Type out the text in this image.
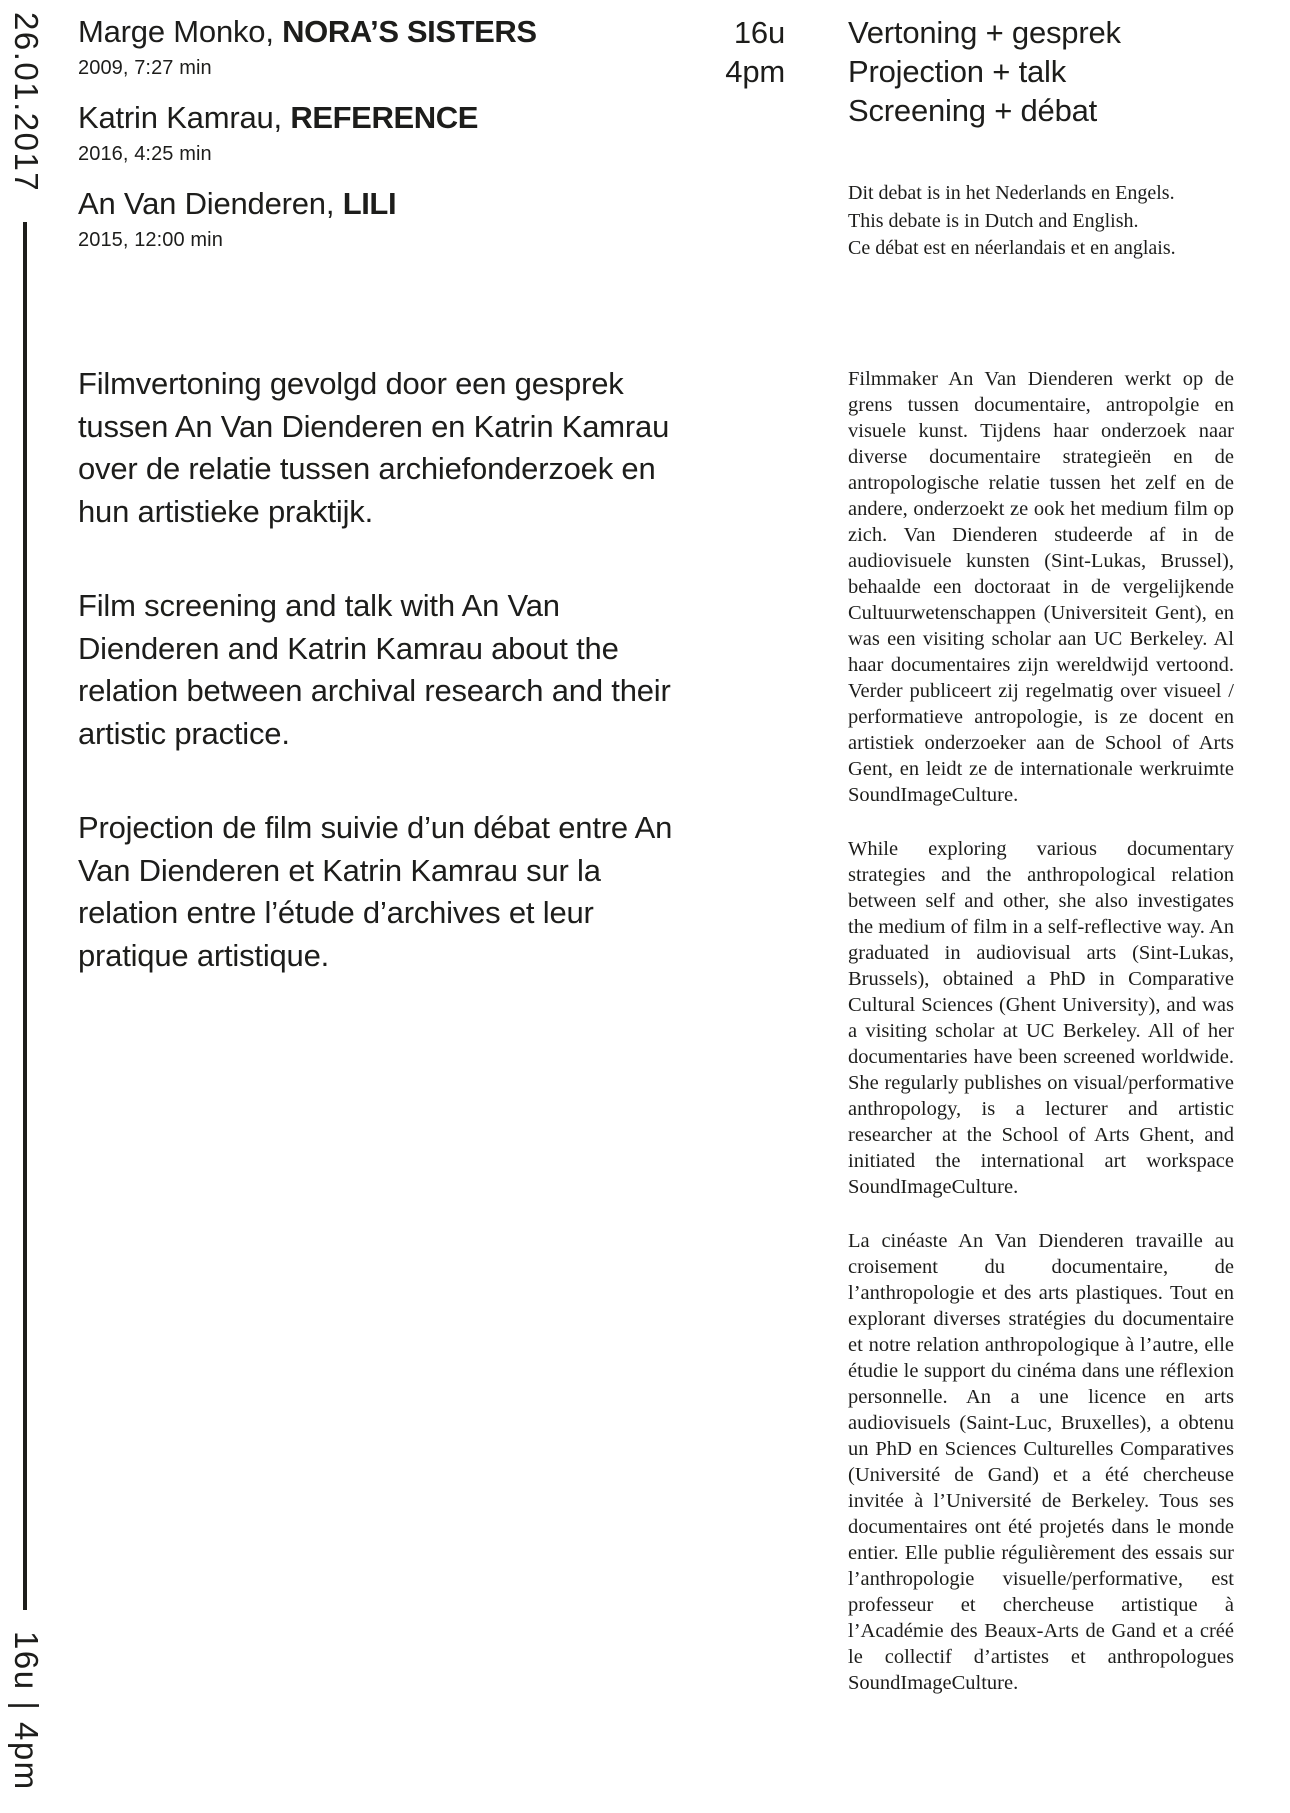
26.01.2017
16u | 4pm
Marge Monko, NORA’S SISTERS
2009, 7:27 min
Katrin Kamrau, REFERENCE
2016, 4:25 min
An Van Dienderen, LILI
2015, 12:00 min
16u
4pm
Vertoning + gesprek
Projection + talk
Screening + débat
Dit debat is in het Nederlands en Engels.
This debate is in Dutch and English.
Ce débat est en néerlandais et en anglais.

Filmvertoning gevolgd door een gesprek tussen An Van Dienderen en Katrin Kamrau over de relatie tussen archiefonderzoek en hun artistieke praktijk.

Film screening and talk with An Van Dienderen and Katrin Kamrau about the relation between archival research and their artistic practice.

Projection de film suivie d’un débat entre An Van Dienderen et Katrin Kamrau sur la relation entre l’étude d’archives et leur pratique artistique.

Filmmaker An Van Dienderen werkt op de grens tussen documentaire, antropolgie en visuele kunst. Tijdens haar onderzoek naar diverse documentaire strategieën en de antropologische relatie tussen het zelf en de andere, onderzoekt ze ook het medium film op zich. Van Dienderen studeerde af in de audiovisuele kunsten (Sint-Lukas, Brussel), behaalde een doctoraat in de vergelijkende Cultuurwetenschappen (Universiteit Gent), en was een visiting scholar aan UC Berkeley. Al haar documentaires zijn wereldwijd vertoond. Verder publiceert zij regelmatig over visueel / performatieve antropologie, is ze docent en artistiek onderzoeker aan de School of Arts Gent, en leidt ze de internationale werkruimte SoundImageCulture.

While exploring various documentary strategies and the anthropological relation between self and other, she also investigates the medium of film in a self-reflective way. An graduated in audiovisual arts (Sint-Lukas, Brussels), obtained a PhD in Comparative Cultural Sciences (Ghent University), and was a visiting scholar at UC Berkeley. All of her documentaries have been screened worldwide. She regularly publishes on visual/performative anthropology, is a lecturer and artistic researcher at the School of Arts Ghent, and initiated the international art workspace SoundImageCulture.

La cinéaste An Van Dienderen travaille au croisement du documentaire, de l’anthropologie et des arts plastiques. Tout en explorant diverses stratégies du documentaire et notre relation anthropologique à l’autre, elle étudie le support du cinéma dans une réflexion personnelle. An a une licence en arts audiovisuels (Saint-Luc, Bruxelles), a obtenu un PhD en Sciences Culturelles Comparatives (Université de Gand) et a été chercheuse invitée à l’Université de Berkeley. Tous ses documentaires ont été projetés dans le monde entier. Elle publie régulièrement des essais sur l’anthropologie visuelle/performative, est professeur et chercheuse artistique à l’Académie des Beaux-Arts de Gand et a créé le collectif d’artistes et anthropologues SoundImageCulture.
